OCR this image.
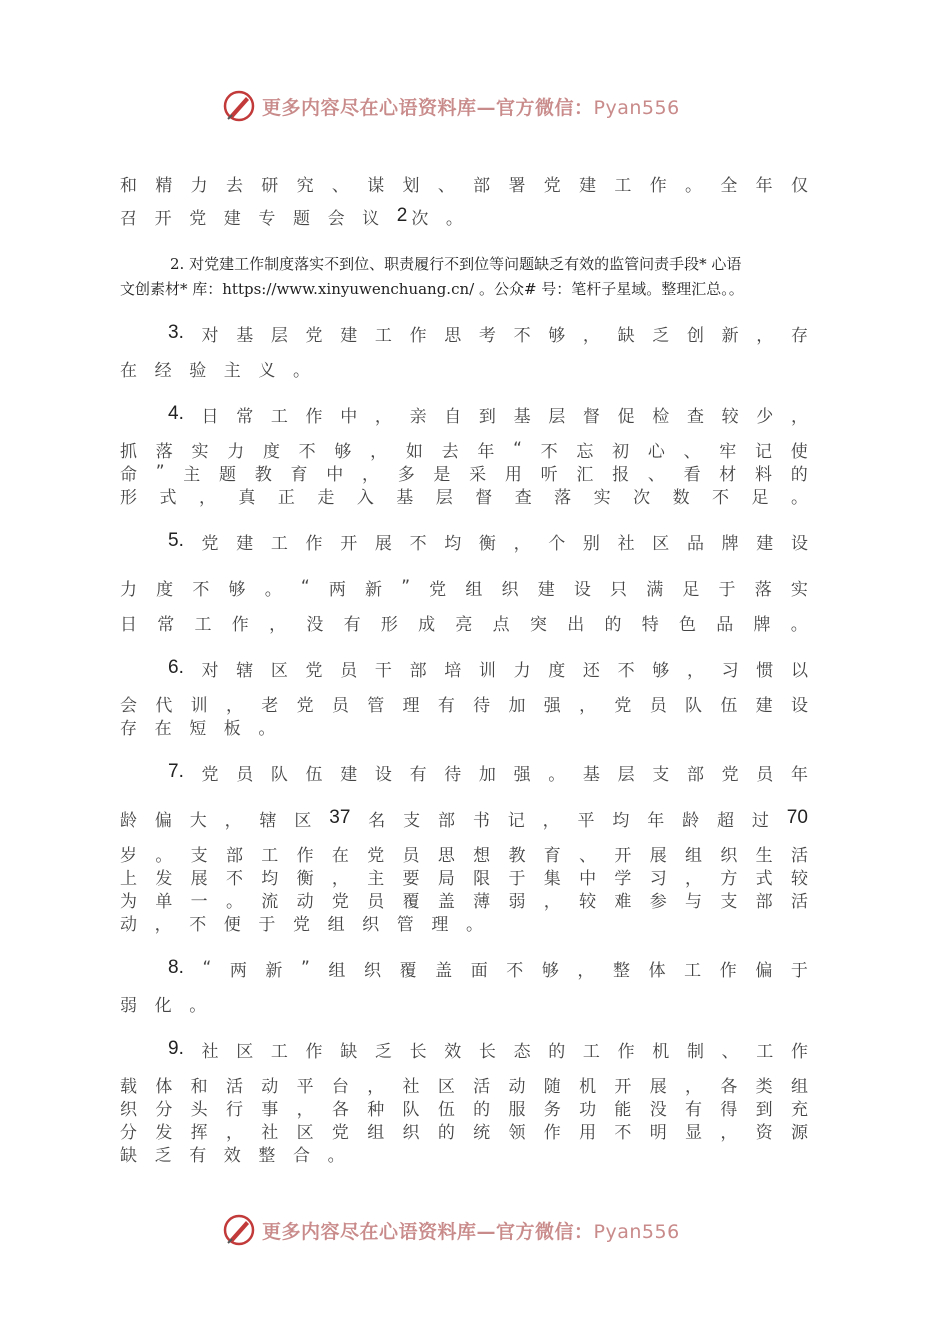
更多内容尽在心语资料库—官方微信：Pyan556
和 精 力 去 研 究 、 谋 划 、 部 署 党 建 工 作 。 全 年 仅
召	开	党	建	专	题	会	议 2 次	。
3. 对 基 层 党 建 工 作 思 考 不 够 ， 缺 乏 创 新 ， 存
在	经	验	主	义	。
4. 日 常 工 作 中 ， 亲 自 到 基 层 督 促 检 查 较 少 ，
抓 落 实 力 度 不 够 ， 如 去 年 “ 不 忘 初 心 、 牢 记 使
命 ” 主 题 教 育 中 ， 多 是 采 用 听 汇 报 、 看 材 料 的
形 式 ， 真 正 走 入 基 层 督 查 落 实 次 数 不 足 。
5. 党 建 工 作 开 展 不 均 衡 ， 个 别 社 区 品 牌 建 设
力 度 不 够 。 “ 两 新 ” 党 组 织 建 设 只 满 足 于 落 实
日 常 工 作 ， 没 有 形 成 亮 点 突 出 的 特 色 品 牌 。
6. 对 辖 区 党 员 干 部 培 训 力 度 还 不 够 ， 习 惯 以
会 代 训 ， 老 党 员 管 理 有 待 加 强 ， 党 员 队 伍 建 设
存	在	短	板	。
7. 党 员 队 伍 建 设 有 待 加 强 。 基 层 支 部 党 员 年
龄 偏 大 ， 辖 区 37 名 支 部 书 记 ， 平 均 年 龄 超 过 70
岁 。 支 部 工 作 在 党 员 思 想 教 育 、 开 展 组 织 生 活
上 发 展 不 均 衡 ， 主 要 局 限 于 集 中 学 习 ， 方 式 较
为 单 一 。 流 动 党 员 覆 盖 薄 弱 ， 较 难 参 与 支 部 活
动	，	不	便	于	党	组	织	管	理	。
8. “ 两 新 ” 组 织 覆 盖 面 不 够 ， 整 体 工 作 偏 于
弱	化	。
9. 社 区 工 作 缺 乏 长 效 长 态 的 工 作 机 制 、 工 作
载 体 和 活 动 平 台 ， 社 区 活 动 随 机 开 展 ， 各 类 组
织 分 头 行 事 ， 各 种 队 伍 的 服 务 功 能 没 有 得 到 充
分 发 挥 ， 社 区 党 组 织 的 统 领 作 用 不 明 显 ， 资 源
缺	乏	有	效	整	合	。
2. 对党建工作制度落实不到位、职责履行不到位等问题缺乏有效的监管问责手段* 心语
文创素材* 库：https://www.xinyuwenchuang.cn/ 。公众# 号：笔杆子星域。整理汇总。。
更多内容尽在心语资料库—官方微信：Pyan556
